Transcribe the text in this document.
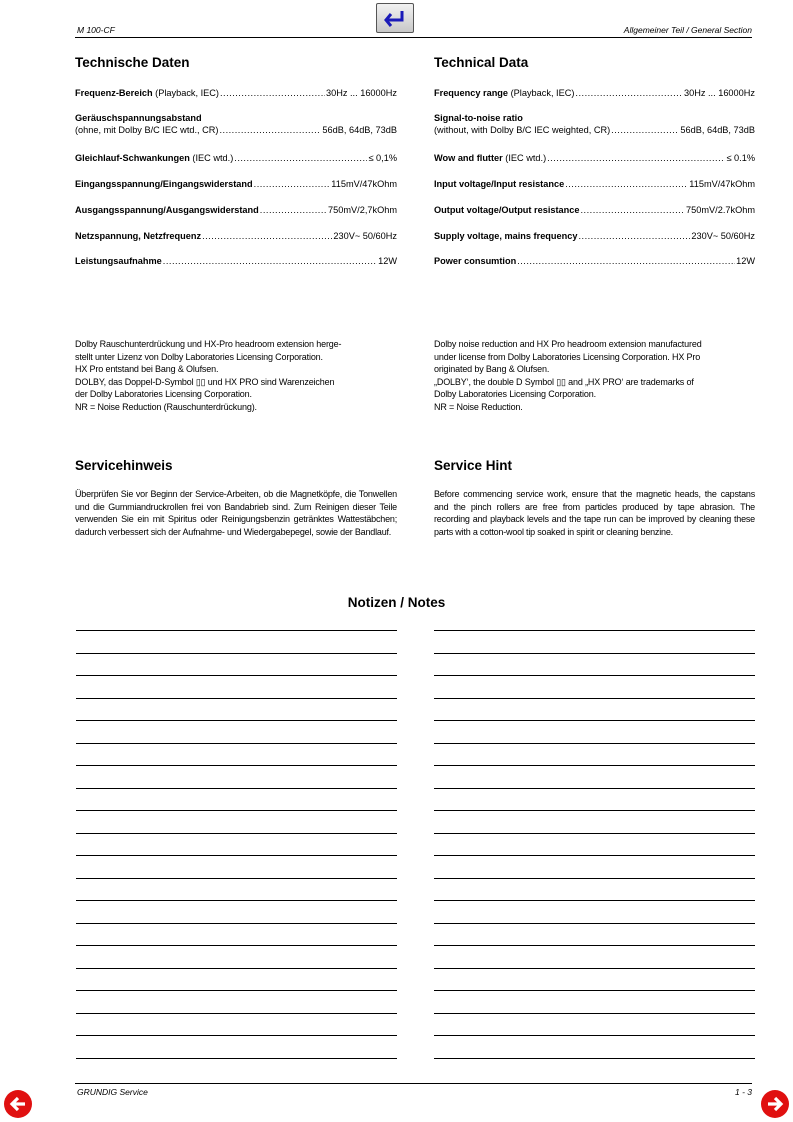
M 100-CF	Allgemeiner Teil / General Section
Technische Daten	Technical Data
Frequenz-Bereich (Playback, IEC) .....	30Hz ... 16000Hz
Geräuschspannungsabstand
(ohne, mit Dolby B/C IEC wtd., CR) .....	56dB, 64dB, 73dB
Gleichlauf-Schwankungen (IEC wtd.) .....	≤ 0,1%
Eingangsspannung/Eingangswiderstand .....	115mV/47kOhm
Ausgangsspannung/Ausgangswiderstand .....	750mV/2,7kOhm
Netzspannung, Netzfrequenz .....	230V~ 50/60Hz
Leistungsaufnahme .....	12W
Frequency range (Playback, IEC) .....	30Hz ... 16000Hz
Signal-to-noise ratio
(without, with Dolby B/C IEC weighted, CR) .....	56dB, 64dB, 73dB
Wow and flutter (IEC wtd.) .....	≤ 0.1%
Input voltage/Input resistance .....	115mV/47kOhm
Output voltage/Output resistance .....	750mV/2.7kOhm
Supply voltage, mains frequency .....	230V~ 50/60Hz
Power consumtion .....	12W
Dolby Rauschunterdrückung und HX-Pro headroom extension herge-
stellt unter Lizenz von Dolby Laboratories Licensing Corporation.
HX Pro entstand bei Bang & Olufsen.
DOLBY, das Doppel-D-Symbol ▯▯ und HX PRO sind Warenzeichen
der Dolby Laboratories Licensing Corporation.
NR = Noise Reduction (Rauschunterdrückung).
Dolby noise reduction and HX Pro headroom extension manufactured
under license from Dolby Laboratories Licensing Corporation. HX Pro
originated by Bang & Olufsen.
„DOLBY‘, the double D Symbol ▯▯ and „HX PRO‘ are trademarks of
Dolby Laboratories Licensing Corporation.
NR = Noise Reduction.
Servicehinweis	Service Hint
Überprüfen Sie vor Beginn der Service-Arbeiten, ob die Magnetköpfe, die Tonwellen und die Gummiandruckrollen frei von Bandabrieb sind. Zum Reinigen dieser Teile verwenden Sie ein mit Spiritus oder Reinigungsbenzin getränktes Wattestäbchen; dadurch verbessert sich der Aufnahme- und Wiedergabepegel, sowie der Bandlauf.
Before commencing service work, ensure that the magnetic heads, the capstans and the pinch rollers are free from particles produced by tape abrasion. The recording and playback levels and the tape run can be improved by cleaning these parts with a cotton-wool tip soaked in spirit or cleaning benzine.
Notizen / Notes
GRUNDIG Service	1 - 3
